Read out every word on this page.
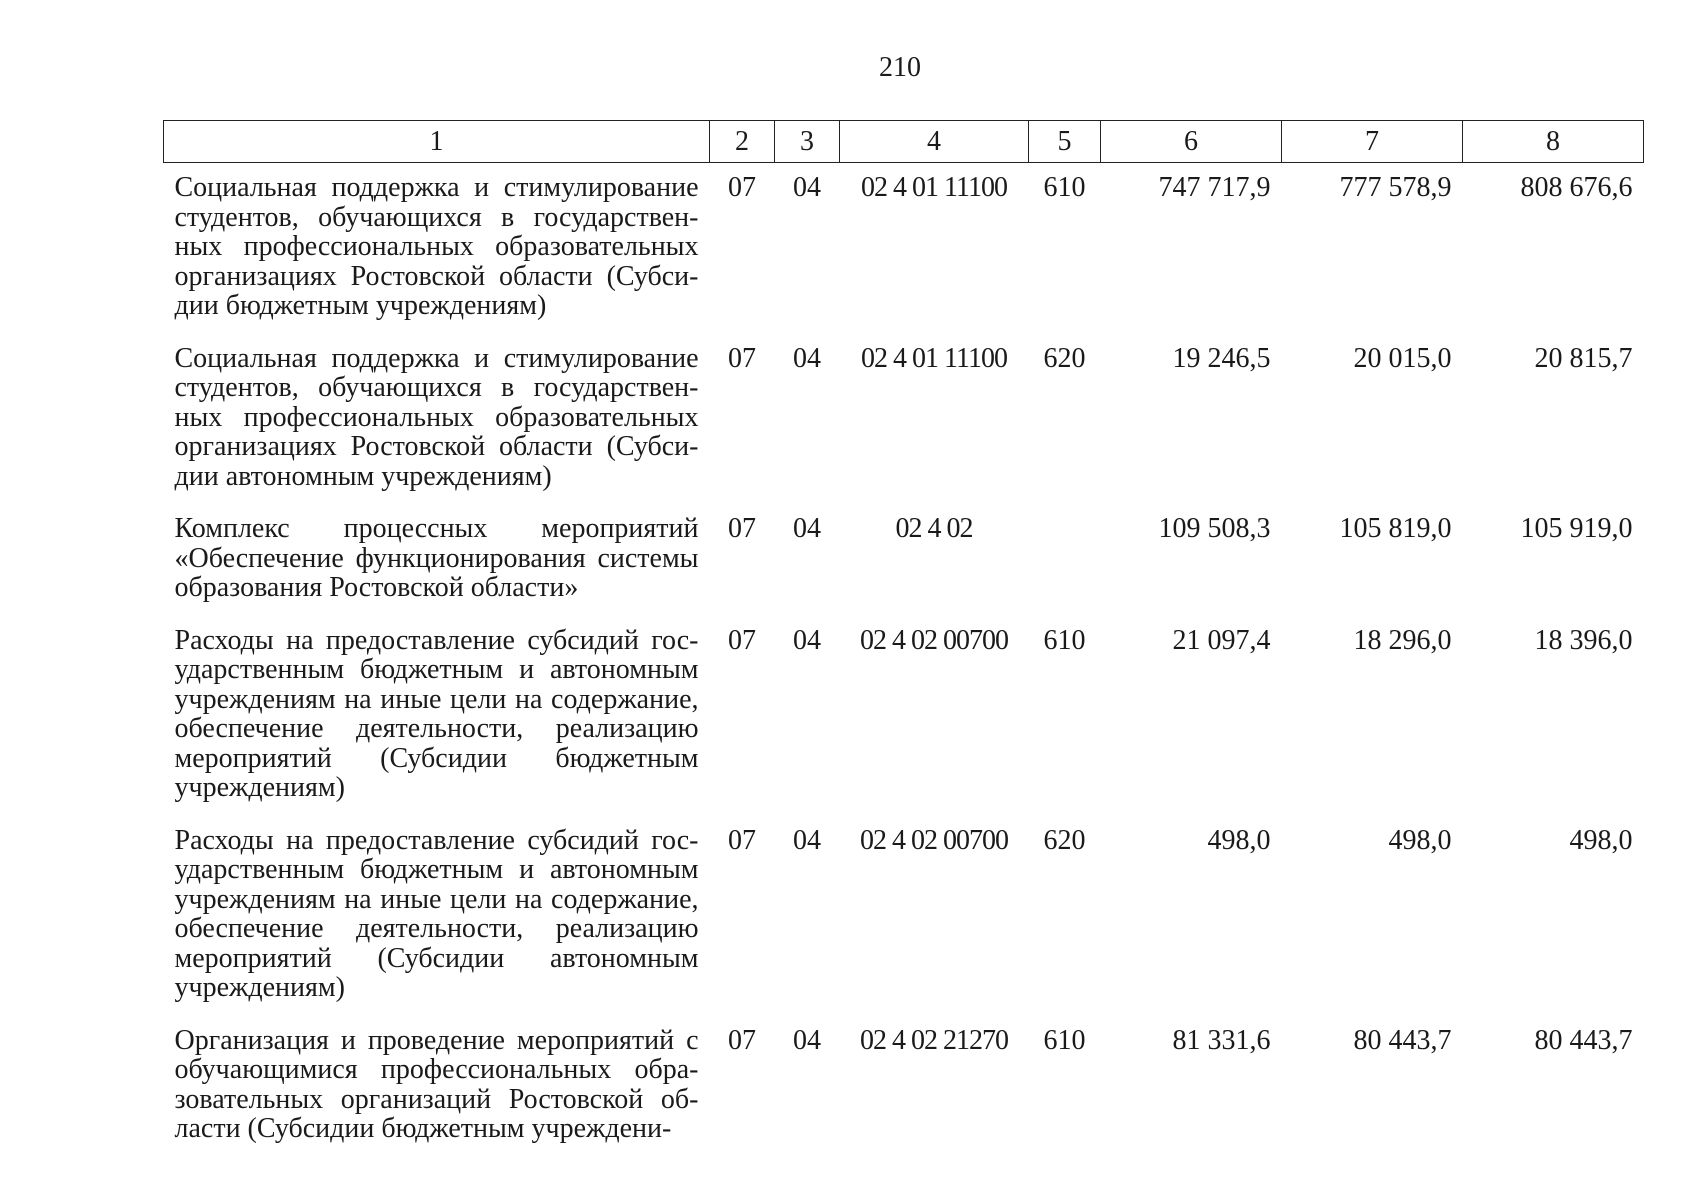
210
1	2	3	4	5	6	7	8
Социальная поддержка и стимулирование студентов, обучающихся в государственных профессиональных образовательных организациях Ростовской области (Субсидии бюджетным учреждениям)	07	04	02 4 01 11100	610	747 717,9	777 578,9	808 676,6
Социальная поддержка и стимулирование студентов, обучающихся в государственных профессиональных образовательных организациях Ростовской области (Субсидии автономным учреждениям)	07	04	02 4 01 11100	620	19 246,5	20 015,0	20 815,7
Комплекс процессных мероприятий «Обеспечение функционирования системы образования Ростовской области»	07	04	02 4 02		109 508,3	105 819,0	105 919,0
Расходы на предоставление субсидий государственным бюджетным и автономным учреждениям на иные цели на содержание, обеспечение деятельности, реализацию мероприятий (Субсидии бюджетным учреждениям)	07	04	02 4 02 00700	610	21 097,4	18 296,0	18 396,0
Расходы на предоставление субсидий государственным бюджетным и автономным учреждениям на иные цели на содержание, обеспечение деятельности, реализацию мероприятий (Субсидии автономным учреждениям)	07	04	02 4 02 00700	620	498,0	498,0	498,0
Организация и проведение мероприятий с обучающимися профессиональных образовательных организаций Ростовской области (Субсидии бюджетным учреждени-	07	04	02 4 02 21270	610	81 331,6	80 443,7	80 443,7
